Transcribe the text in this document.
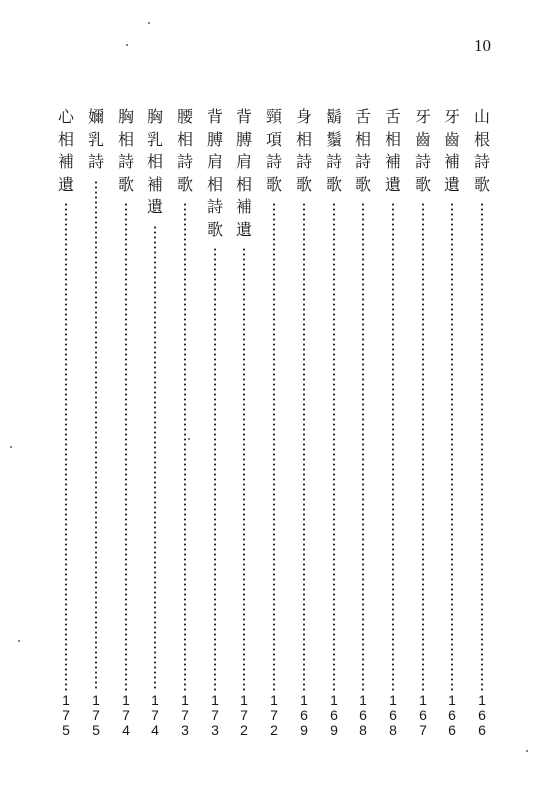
10
山
根
詩
歌
1
6
6
牙
齒
補
遺
1
6
6
牙
齒
詩
歌
1
6
7
舌
相
補
遺
1
6
8
舌
相
詩
歌
1
6
8
鬍
鬚
詩
歌
1
6
9
身
相
詩
歌
1
6
9
頸
項
詩
歌
1
7
2
背
膊
肩
相
補
遺
1
7
2
背
膊
肩
相
詩
歌
1
7
3
腰
相
詩
歌
1
7
3
胸
乳
相
補
遺
1
7
4
胸
相
詩
歌
1
7
4
嬭
乳
詩
1
7
5
心
相
補
遺
1
7
5
